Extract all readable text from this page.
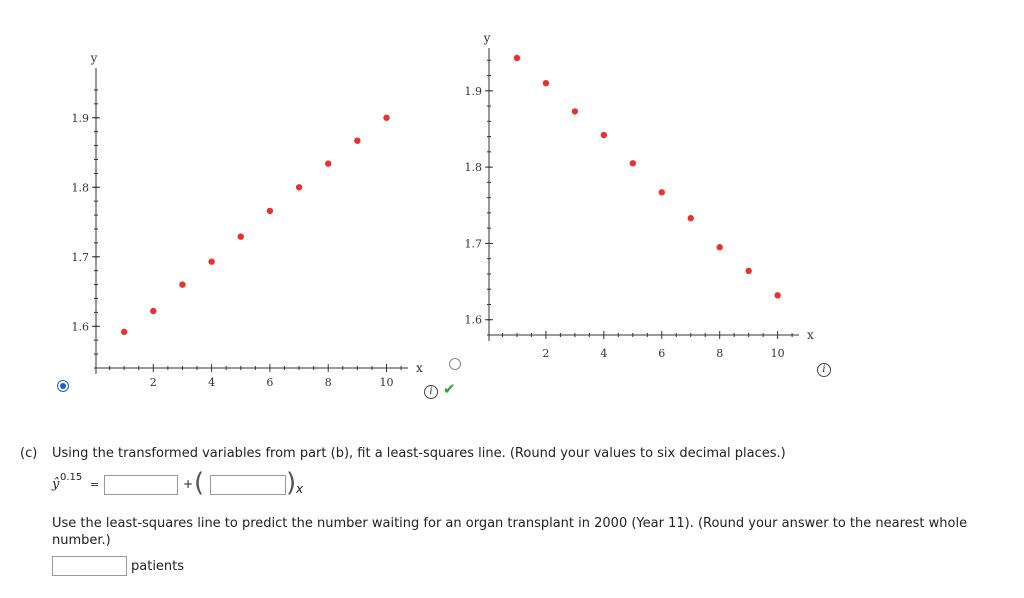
2	4	6	8	10
1.6
1.7
1.8
1.9
x
y
i ✔
2	4	6	8	10
1.6
1.7
1.8
1.9
x
y
i
(c) Using the transformed variables from part (b), fit a least-squares line. (Round your values to six decimal places.)
ŷ 0.15
=	+ (	) x
Use the least-squares line to predict the number waiting for an organ transplant in 2000 (Year 11). (Round your answer to the nearest whole number.)
patients
